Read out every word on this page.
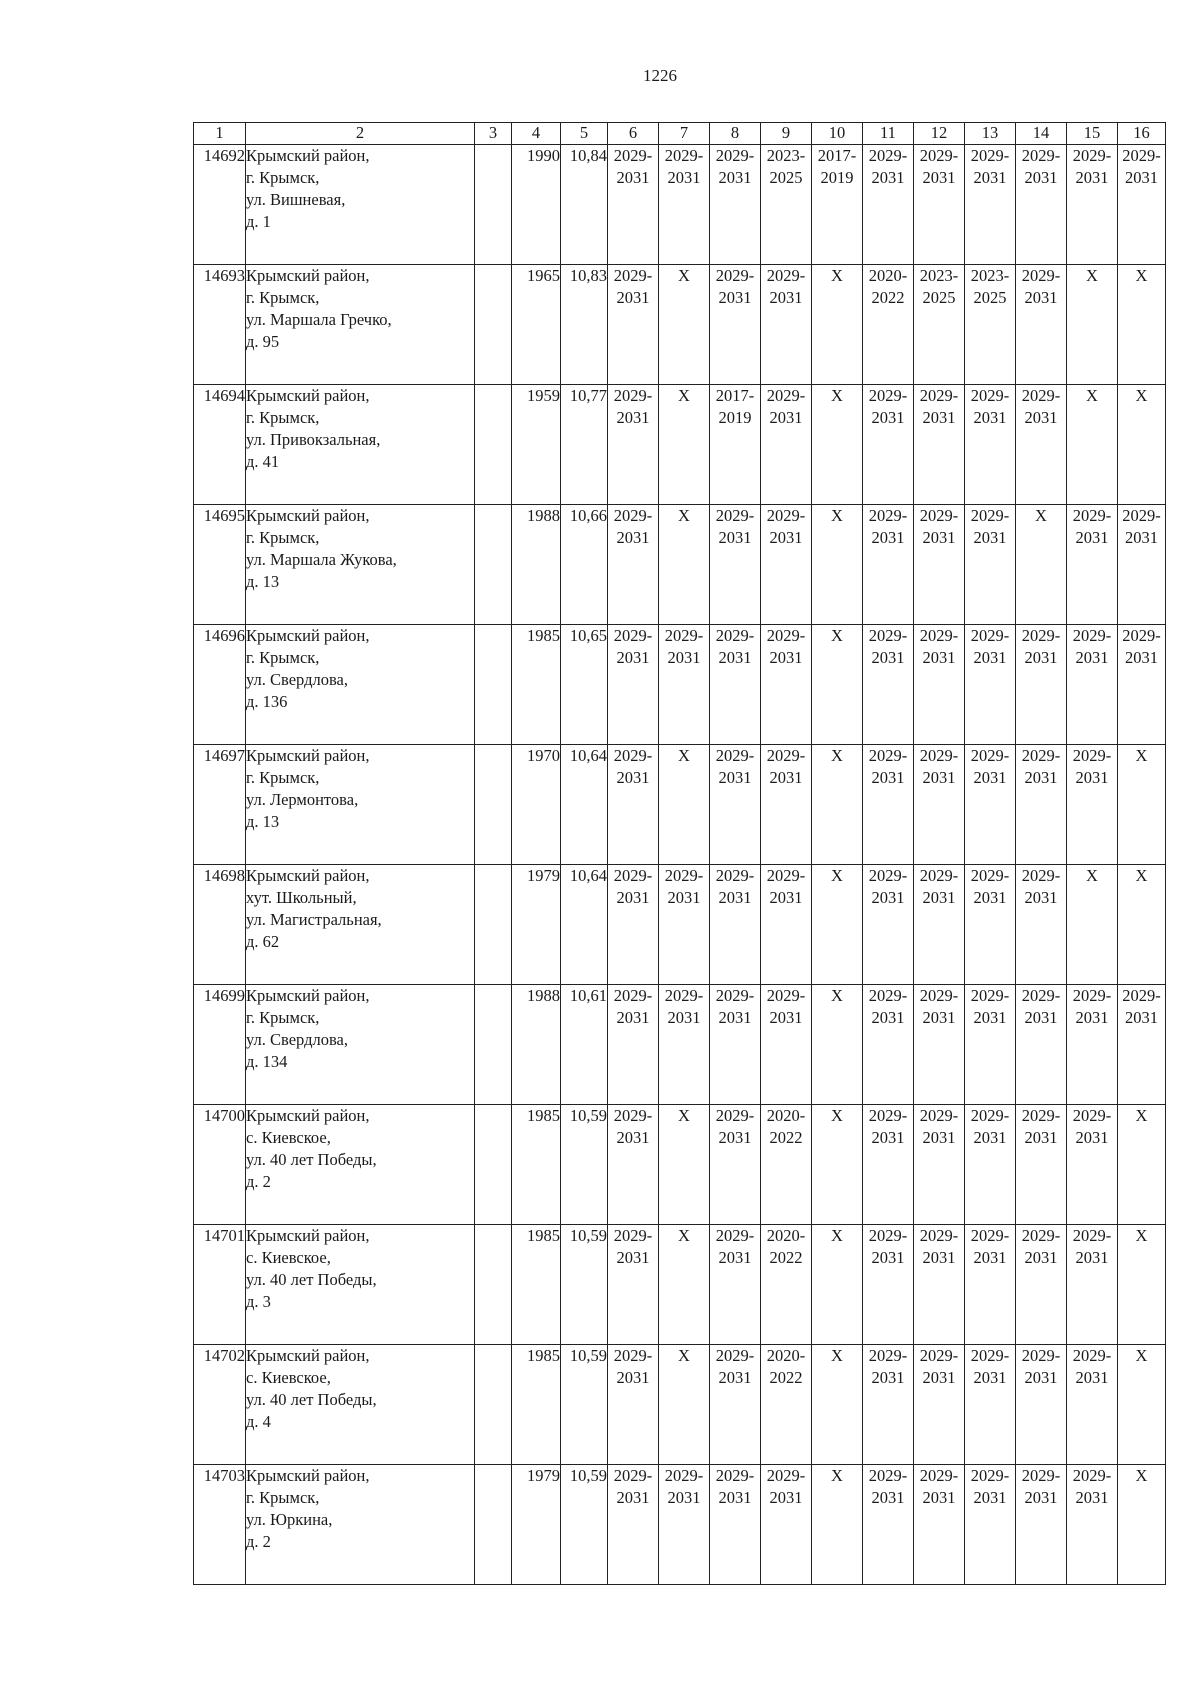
1226
1	2	3	4	5	6	7	8	9	10	11	12	13	14	15	16
14692	Крымский район,
г. Крымск,
ул. Вишневая,
д. 1		1990	10,84	2029-
2031	2029-
2031	2029-
2031	2023-
2025	2017-
2019	2029-
2031	2029-
2031	2029-
2031	2029-
2031	2029-
2031	2029-
2031

14693	Крымский район,
г. Крымск,
ул. Маршала Гречко,
д. 95		1965	10,83	2029-
2031	X	2029-
2031	2029-
2031	X	2020-
2022	2023-
2025	2023-
2025	2029-
2031	X	X

14694	Крымский район,
г. Крымск,
ул. Привокзальная,
д. 41		1959	10,77	2029-
2031	X	2017-
2019	2029-
2031	X	2029-
2031	2029-
2031	2029-
2031	2029-
2031	X	X

14695	Крымский район,
г. Крымск,
ул. Маршала Жукова,
д. 13		1988	10,66	2029-
2031	X	2029-
2031	2029-
2031	X	2029-
2031	2029-
2031	2029-
2031	X	2029-
2031	2029-
2031

14696	Крымский район,
г. Крымск,
ул. Свердлова,
д. 136		1985	10,65	2029-
2031	2029-
2031	2029-
2031	2029-
2031	X	2029-
2031	2029-
2031	2029-
2031	2029-
2031	2029-
2031	2029-
2031

14697	Крымский район,
г. Крымск,
ул. Лермонтова,
д. 13		1970	10,64	2029-
2031	X	2029-
2031	2029-
2031	X	2029-
2031	2029-
2031	2029-
2031	2029-
2031	2029-
2031	X

14698	Крымский район,
хут. Школьный,
ул. Магистральная,
д. 62		1979	10,64	2029-
2031	2029-
2031	2029-
2031	2029-
2031	X	2029-
2031	2029-
2031	2029-
2031	2029-
2031	X	X

14699	Крымский район,
г. Крымск,
ул. Свердлова,
д. 134		1988	10,61	2029-
2031	2029-
2031	2029-
2031	2029-
2031	X	2029-
2031	2029-
2031	2029-
2031	2029-
2031	2029-
2031	2029-
2031

14700	Крымский район,
с. Киевское,
ул. 40 лет Победы,
д. 2		1985	10,59	2029-
2031	X	2029-
2031	2020-
2022	X	2029-
2031	2029-
2031	2029-
2031	2029-
2031	2029-
2031	X

14701	Крымский район,
с. Киевское,
ул. 40 лет Победы,
д. 3		1985	10,59	2029-
2031	X	2029-
2031	2020-
2022	X	2029-
2031	2029-
2031	2029-
2031	2029-
2031	2029-
2031	X

14702	Крымский район,
с. Киевское,
ул. 40 лет Победы,
д. 4		1985	10,59	2029-
2031	X	2029-
2031	2020-
2022	X	2029-
2031	2029-
2031	2029-
2031	2029-
2031	2029-
2031	X

14703	Крымский район,
г. Крымск,
ул. Юркина,
д. 2		1979	10,59	2029-
2031	2029-
2031	2029-
2031	2029-
2031	X	2029-
2031	2029-
2031	2029-
2031	2029-
2031	2029-
2031	X
